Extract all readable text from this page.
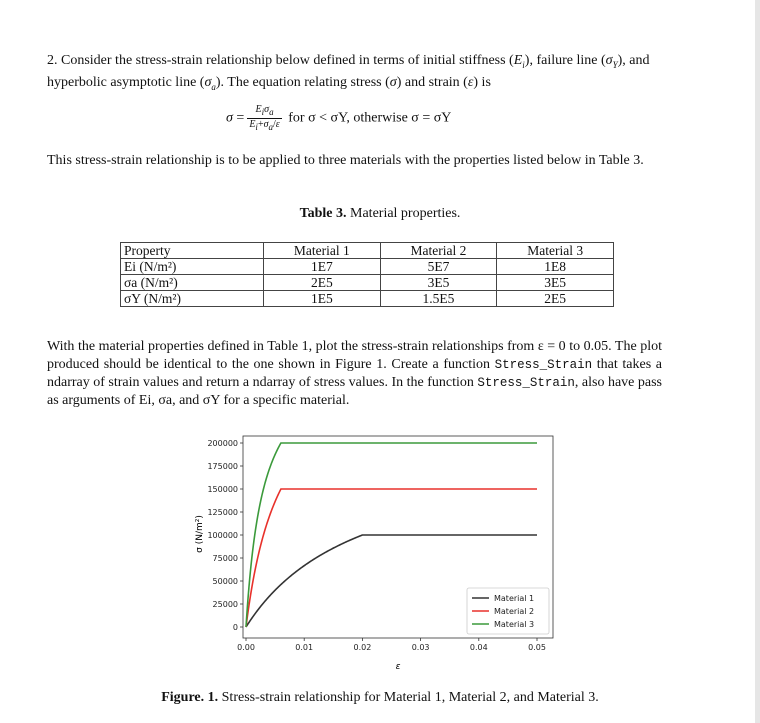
2. Consider the stress-strain relationship below defined in terms of initial stiffness $(E_i)$, failure line $(\sigma_Y)$, and hyperbolic asymptotic line $(\sigma_a)$. The equation relating stress (σ) and strain (ε) is
$\sigma = \frac{E_i\sigma_a}{E_i+\sigma_a/\varepsilon}$ for σ < σY, otherwise σ = σY
This stress-strain relationship is to be applied to three materials with the properties listed below in Table 3.
Table 3. Material properties.
Property	Material 1	Material 2	Material 3
Ei (N/m²)	1E7	5E7	1E8
σa (N/m²)	2E5	3E5	3E5
σY (N/m²)	1E5	1.5E5	2E5
With the material properties defined in Table 1, plot the stress-strain relationships from ε = 0 to 0.05. The plot produced should be identical to the one shown in Figure 1. Create a function Stress_Strain that takes a ndarray of strain values and return a ndarray of stress values. In the function Stress_Strain, also have pass as arguments of Ei, σa, and σY for a specific material.
0
25000
50000
75000
100000
125000
150000
175000
200000
0.00	0.01	0.02	0.03	0.04	0.05
σ (N/m²)
ε
Material 1
Material 2
Material 3
Figure. 1. Stress-strain relationship for Material 1, Material 2, and Material 3.
